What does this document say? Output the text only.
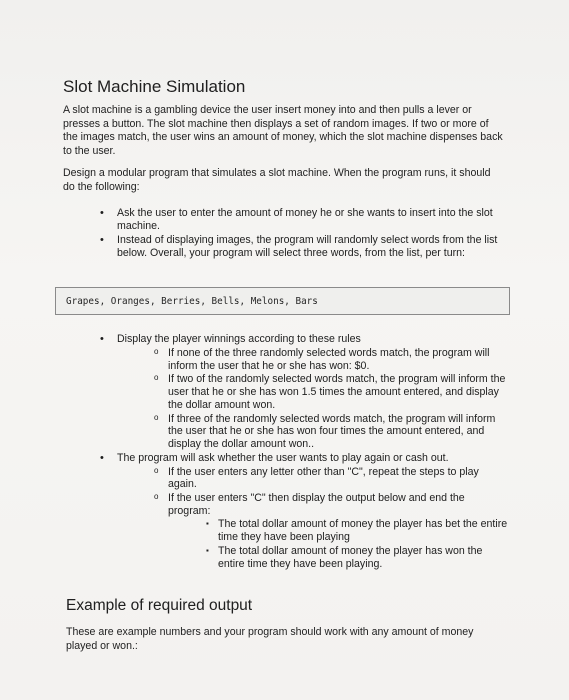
Slot Machine Simulation

A slot machine is a gambling device the user insert money into and then pulls a lever or presses a button. The slot machine then displays a set of random images. If two or more of the images match, the user wins an amount of money, which the slot machine dispenses back to the user.

Design a modular program that simulates a slot machine. When the program runs, it should do the following:

• Ask the user to enter the amount of money he or she wants to insert into the slot machine.
• Instead of displaying images, the program will randomly select words from the list below. Overall, your program will select three words, from the list, per turn:
Grapes, Oranges, Berries, Bells, Melons, Bars
• Display the player winnings according to these rules
o If none of the three randomly selected words match, the program will inform the user that he or she has won: $0.
o If two of the randomly selected words match, the program will inform the user that he or she has won 1.5 times the amount entered, and display the dollar amount won.
o If three of the randomly selected words match, the program will inform the user that he or she has won four times the amount entered, and display the dollar amount won..
• The program will ask whether the user wants to play again or cash out.
o If the user enters any letter other than "C", repeat the steps to play again.
o If the user enters "C" then display the output below and end the program:
▪ The total dollar amount of money the player has bet the entire time they have been playing
▪ The total dollar amount of money the player has won the entire time they have been playing.
Example of required output

These are example numbers and your program should work with any amount of money played or won.:
